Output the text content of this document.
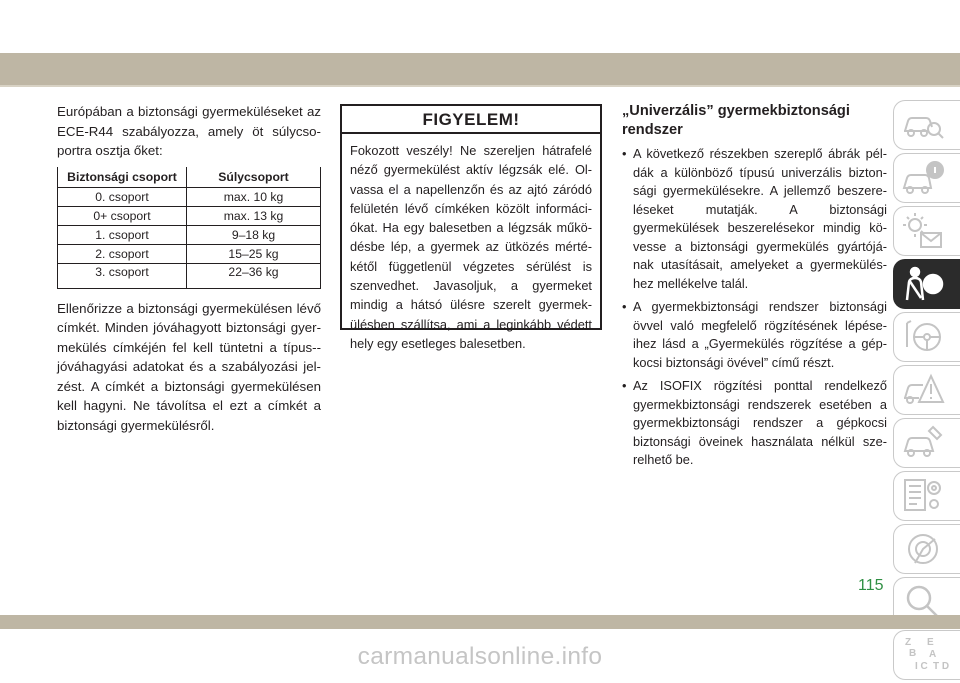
Európában a biztonsági gyermeküléseket az ECE-R44 szabályozza, amely öt súlycso-portra osztja őket:

Biztonsági csoport	Súlycsoport
0. csoport	max. 10 kg
0+ csoport	max. 13 kg
1. csoport	9–18 kg
2. csoport	15–25 kg
3. csoport	22–36 kg

Ellenőrizze a biztonsági gyermekülésen lévő címkét. Minden jóváhagyott biztonsági gyer-mekülés címkéjén fel kell tüntetni a típus--jóváhagyási adatokat és a szabályozási jel-zést. A címkét a biztonsági gyermekülésen kell hagyni. Ne távolítsa el ezt a címkét a biztonsági gyermekülésről.

FIGYELEM!

Fokozott veszély! Ne szereljen hátrafelé néző gyermekülést aktív légzsák elé. Ol-vassa el a napellenzőn és az ajtó záródó felületén lévő címkéken közölt informáci-ókat. Ha egy balesetben a légzsák műkö-désbe lép, a gyermek az ütközés mérté-kétől függetlenül végzetes sérülést is szenvedhet. Javasoljuk, a gyermeket mindig a hátsó ülésre szerelt gyermek-ülésben szállítsa, ami a leginkább védett hely egy esetleges balesetben.

„Univerzális” gyermekbiztonsági rendszer
• A következő részekben szereplő ábrák pél-dák a különböző típusú univerzális bizton-sági gyermekülésekre. A jellemző beszere-léseket mutatják. A biztonsági gyermekülések beszerelésekor mindig kö-vesse a biztonsági gyermekülés gyártójá-nak utasításait, amelyeket a gyermekülés-hez mellékelve talál.
• A gyermekbiztonsági rendszer biztonsági övvel való megfelelő rögzítésének lépése-ihez lásd a „Gyermekülés rögzítése a gép-kocsi biztonsági övével” című részt.
• Az ISOFIX rögzítési ponttal rendelkező gyermekbiztonsági rendszerek esetében a gyermekbiztonsági rendszer a gépkocsi biztonsági öveinek használata nélkül sze-relhető be.
Z E
B A
I C T D
115
carmanualsonline.info
